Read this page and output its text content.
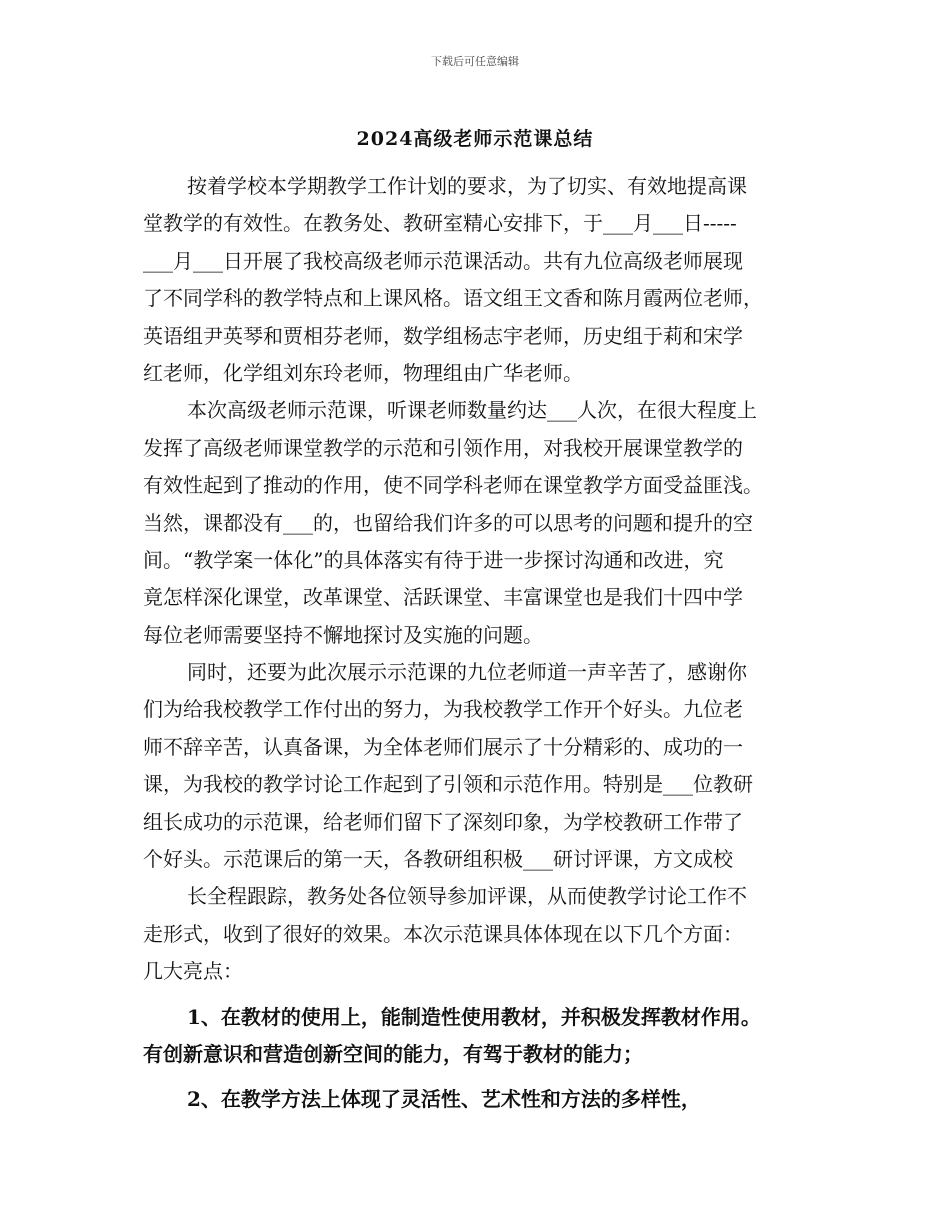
下载后可任意编辑
2024高级老师示范课总结
按着学校本学期教学工作计划的要求，为了切实、有效地提高课
堂教学的有效性。在教务处、教研室精心安排下，于___月___日-----
___月___日开展了我校高级老师示范课活动。共有九位高级老师展现
了不同学科的教学特点和上课风格。语文组王文香和陈月霞两位老师，
英语组尹英琴和贾相芬老师，数学组杨志宇老师，历史组于莉和宋学
红老师，化学组刘东玲老师，物理组由广华老师。
本次高级老师示范课，听课老师数量约达___人次，在很大程度上
发挥了高级老师课堂教学的示范和引领作用，对我校开展课堂教学的
有效性起到了推动的作用，使不同学科老师在课堂教学方面受益匪浅。
当然，课都没有___的，也留给我们许多的可以思考的问题和提升的空
间。“教学案一体化”的具体落实有待于进一步探讨沟通和改进，究
竟怎样深化课堂，改革课堂、活跃课堂、丰富课堂也是我们十四中学
每位老师需要坚持不懈地探讨及实施的问题。
同时，还要为此次展示示范课的九位老师道一声辛苦了，感谢你
们为给我校教学工作付出的努力，为我校教学工作开个好头。九位老
师不辞辛苦，认真备课，为全体老师们展示了十分精彩的、成功的一
课，为我校的教学讨论工作起到了引领和示范作用。特别是___位教研
组长成功的示范课，给老师们留下了深刻印象，为学校教研工作带了
个好头。示范课后的第一天，各教研组积极___研讨评课，方文成校
长全程跟踪，教务处各位领导参加评课，从而使教学讨论工作不
走形式，收到了很好的效果。本次示范课具体体现在以下几个方面：
几大亮点：
1、在教材的使用上，能制造性使用教材，并积极发挥教材作用。
有创新意识和营造创新空间的能力，有驾于教材的能力；
2、在教学方法上体现了灵活性、艺术性和方法的多样性，
